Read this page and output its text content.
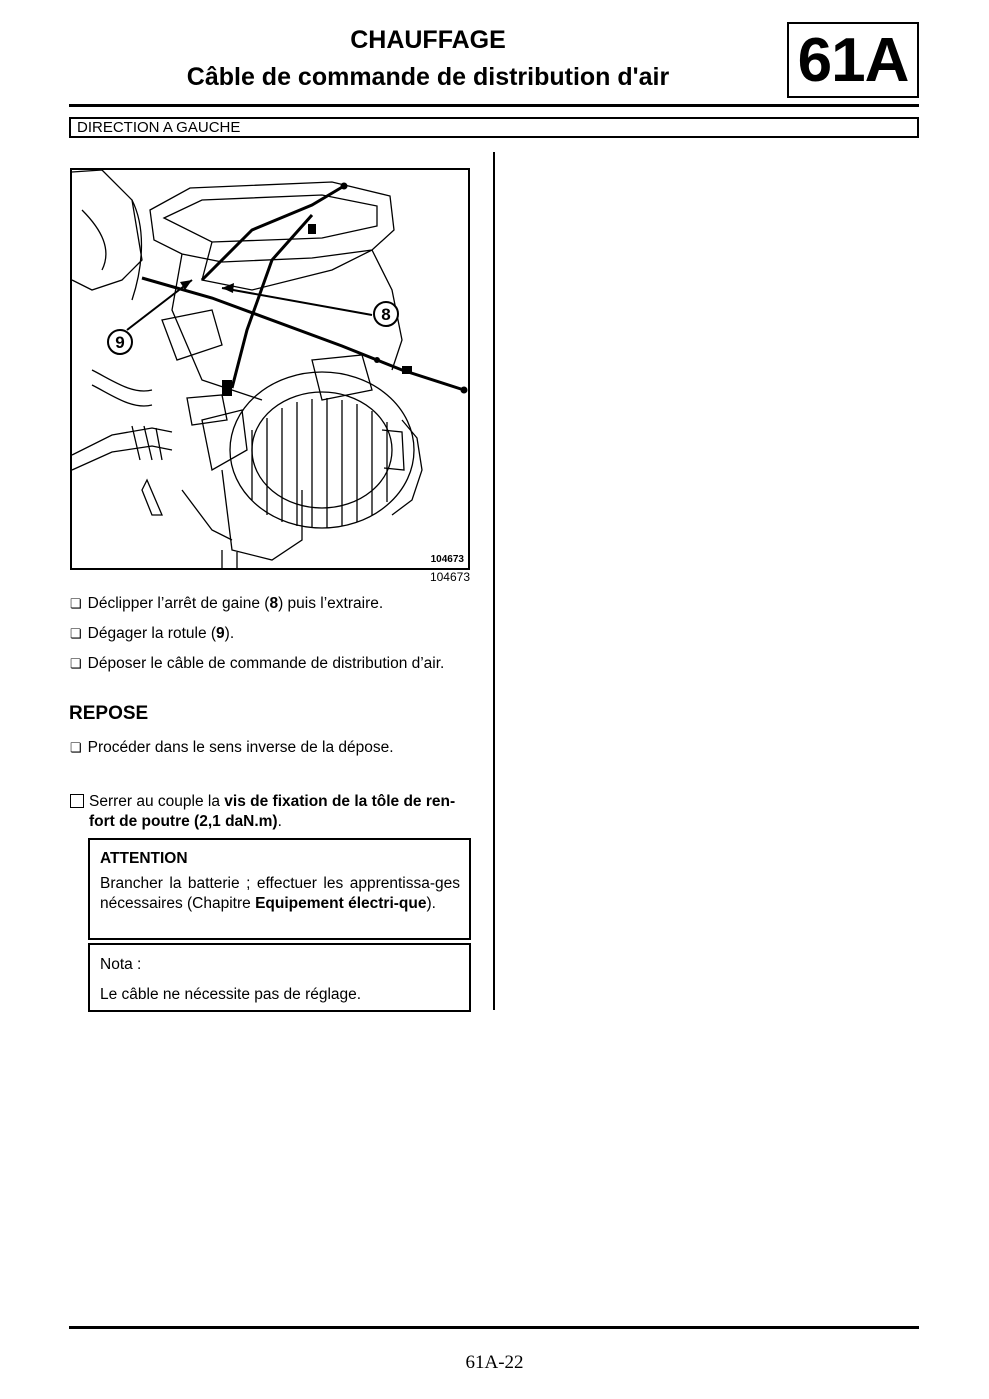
CHAUFFAGE
Câble de commande de distribution d'air	61A
DIRECTION A GAUCHE
8
9
104673
104673
❏ Déclipper l’arrêt de gaine (8) puis l’extraire.
❏ Dégager la rotule (9).
❏ Déposer le câble de commande de distribution d’air.
REPOSE
❏ Procéder dans le sens inverse de la dépose.
Serrer au couple la vis de fixation de la tôle de ren-
fort de poutre (2,1 daN.m).
ATTENTION

Brancher la batterie ; effectuer les apprentissa-ges nécessaires (Chapitre Equipement électri-que).

Nota :
Le câble ne nécessite pas de réglage.
61A-22
